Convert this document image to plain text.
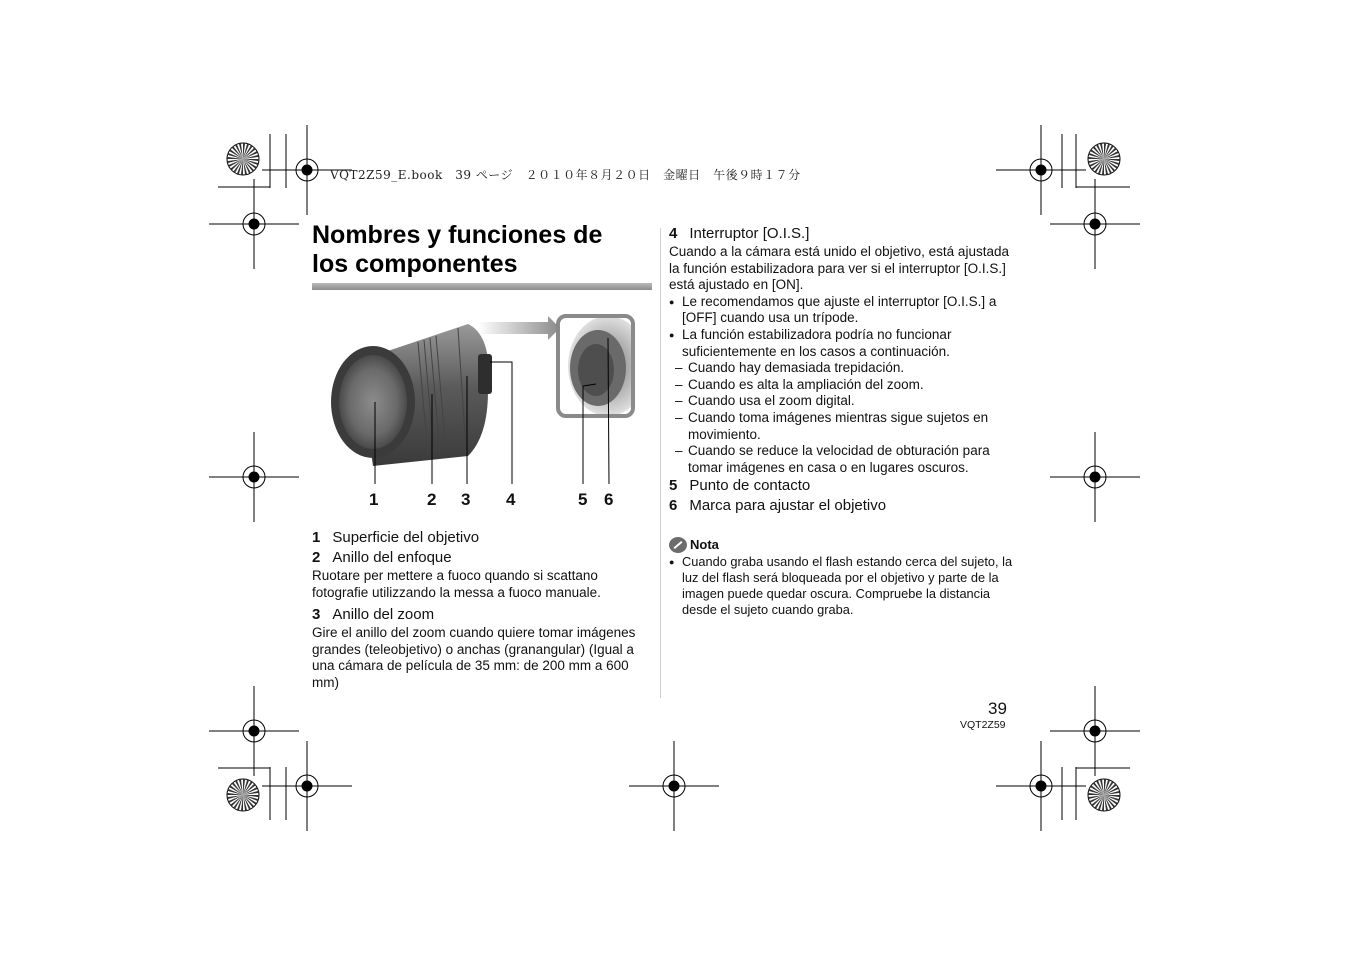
VQT2Z59_E.book　39 ページ　２０１０年８月２０日　金曜日　午後９時１７分
Nombres y funciones de
los componentes
1	2 3 4	5 6
1 Superficie del objetivo
2 Anillo del enfoque
Ruotare per mettere a fuoco quando si scattano fotografie utilizzando la messa a fuoco manuale.
3 Anillo del zoom
Gire el anillo del zoom cuando quiere tomar imágenes grandes (teleobjetivo) o anchas (granangular) (Igual a una cámara de película de 35 mm: de 200 mm a 600 mm)
4 Interruptor [O.I.S.]
Cuando a la cámara está unido el objetivo, está ajustada la función estabilizadora para ver si el interruptor [O.I.S.] está ajustado en [ON].
● Le recomendamos que ajuste el interruptor [O.I.S.] a [OFF] cuando usa un trípode.
● La función estabilizadora podría no funcionar suficientemente en los casos a continuación.
– Cuando hay demasiada trepidación.
– Cuando es alta la ampliación del zoom.
– Cuando usa el zoom digital.
– Cuando toma imágenes mientras sigue sujetos en movimiento.
– Cuando se reduce la velocidad de obturación para tomar imágenes en casa o en lugares oscuros.
5 Punto de contacto
6 Marca para ajustar el objetivo
Nota
● Cuando graba usando el flash estando cerca del sujeto, la luz del flash será bloqueada por el objetivo y parte de la imagen puede quedar oscura. Compruebe la distancia desde el sujeto cuando graba.
39
VQT2Z59
